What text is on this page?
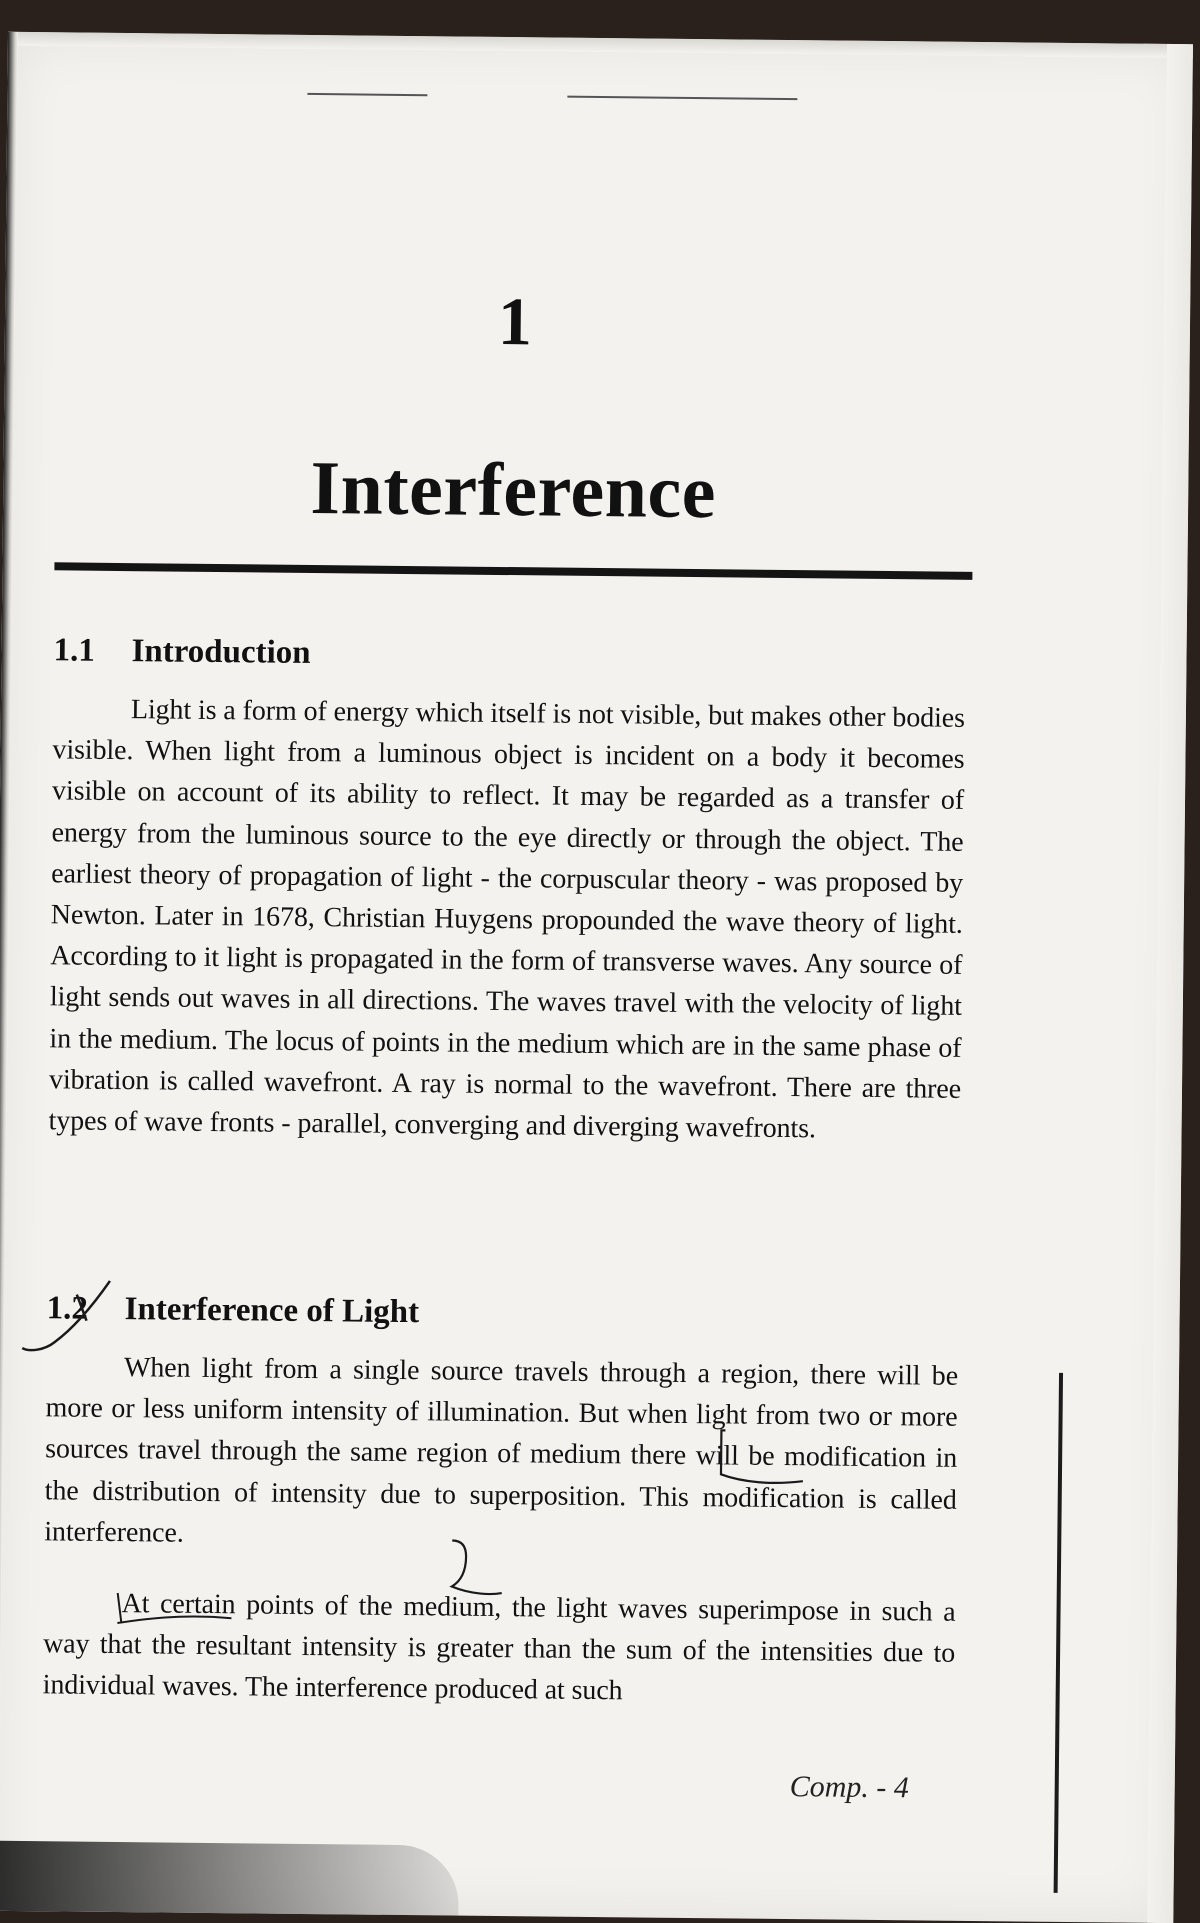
1
Interference
1.1 Introduction

Light is a form of energy which itself is not visible, but makes other bodies visible. When light from a luminous object is incident on a body it becomes visible on account of its ability to reflect. It may be regarded as a transfer of energy from the luminous source to the eye directly or through the object. The earliest theory of propagation of light - the corpuscular theory - was proposed by Newton. Later in 1678, Christian Huygens propounded the wave theory of light. According to it light is propagated in the form of transverse waves. Any source of light sends out waves in all directions. The waves travel with the velocity of light in the medium. The locus of points in the medium which are in the same phase of vibration is called wavefront. A ray is normal to the wavefront. There are three types of wave fronts - parallel, converging and diverging wavefronts.

1.2 Interference of Light

When light from a single source travels through a region, there will be more or less uniform intensity of illumination. But when light from two or more sources travel through the same region of medium there will be modification in the distribution of intensity due to superposition. This modification is called interference.

At certain points of the medium, the light waves superimpose in such a way that the resultant intensity is greater than the sum of the intensities due to individual waves. The interference produced at such

Comp. - 4
